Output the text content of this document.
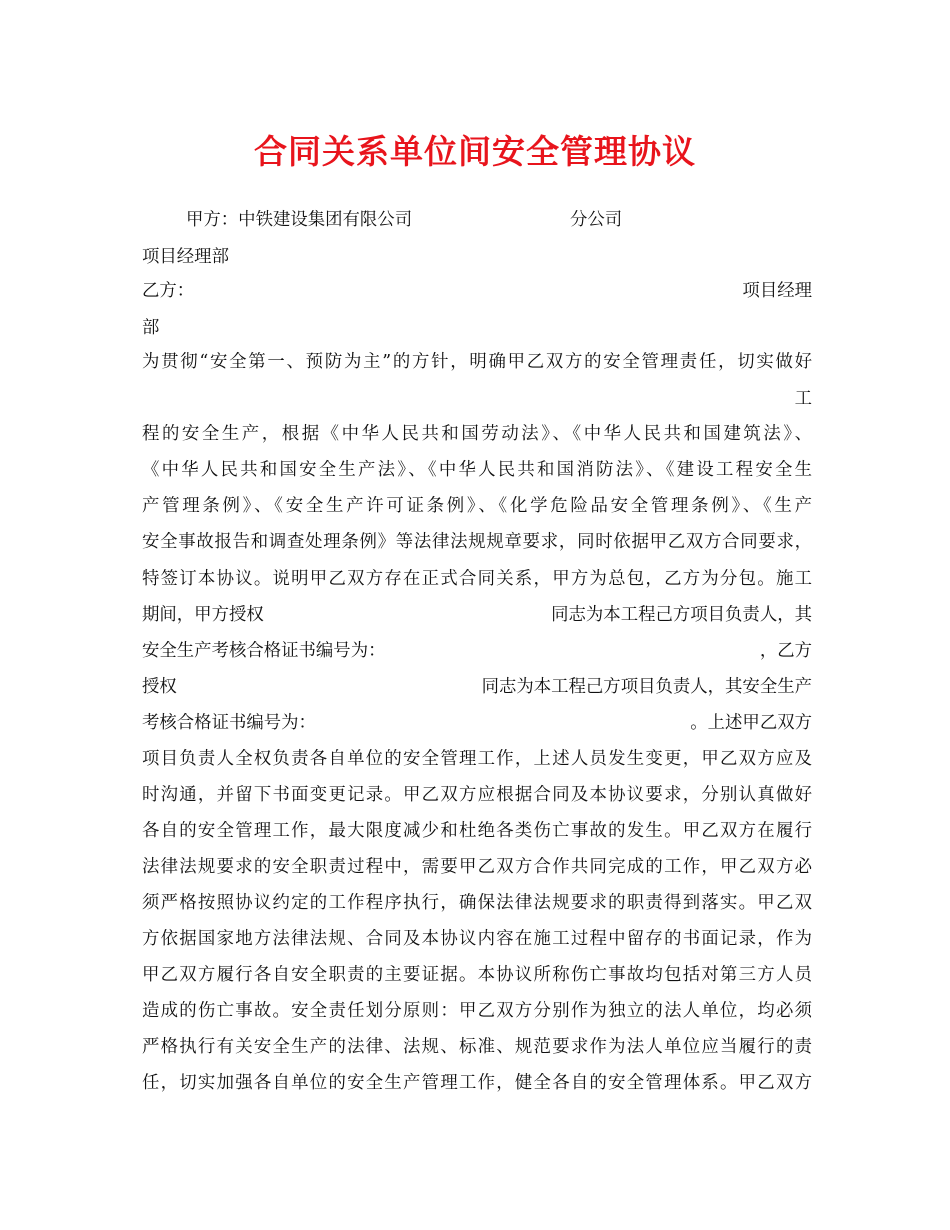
合同关系单位间安全管理协议
甲方：中铁建设集团有限公司	分公司
项目经理部
乙方：	项目经理
部
为贯彻“安全第一、预防为主”的方针，明确甲乙双方的安全管理责任，切实做好
工
程的安全生产，根据《中华人民共和国劳动法》、《中华人民共和国建筑法》、
《中华人民共和国安全生产法》、《中华人民共和国消防法》、《建设工程安全生
产管理条例》、《安全生产许可证条例》、《化学危险品安全管理条例》、《生产
安全事故报告和调查处理条例》等法律法规规章要求，同时依据甲乙双方合同要求，
特签订本协议。说明甲乙双方存在正式合同关系，甲方为总包，乙方为分包。施工
期间，甲方授权	同志为本工程己方项目负责人，其
安全生产考核合格证书编号为：	，乙方
授权	同志为本工程己方项目负责人，其安全生产
考核合格证书编号为：	。上述甲乙双方
项目负责人全权负责各自单位的安全管理工作，上述人员发生变更，甲乙双方应及
时沟通，并留下书面变更记录。甲乙双方应根据合同及本协议要求，分别认真做好
各自的安全管理工作，最大限度减少和杜绝各类伤亡事故的发生。甲乙双方在履行
法律法规要求的安全职责过程中，需要甲乙双方合作共同完成的工作，甲乙双方必
须严格按照协议约定的工作程序执行，确保法律法规要求的职责得到落实。甲乙双
方依据国家地方法律法规、合同及本协议内容在施工过程中留存的书面记录，作为
甲乙双方履行各自安全职责的主要证据。本协议所称伤亡事故均包括对第三方人员
造成的伤亡事故。安全责任划分原则：甲乙双方分别作为独立的法人单位，均必须
严格执行有关安全生产的法律、法规、标准、规范要求作为法人单位应当履行的责
任，切实加强各自单位的安全生产管理工作，健全各自的安全管理体系。甲乙双方
